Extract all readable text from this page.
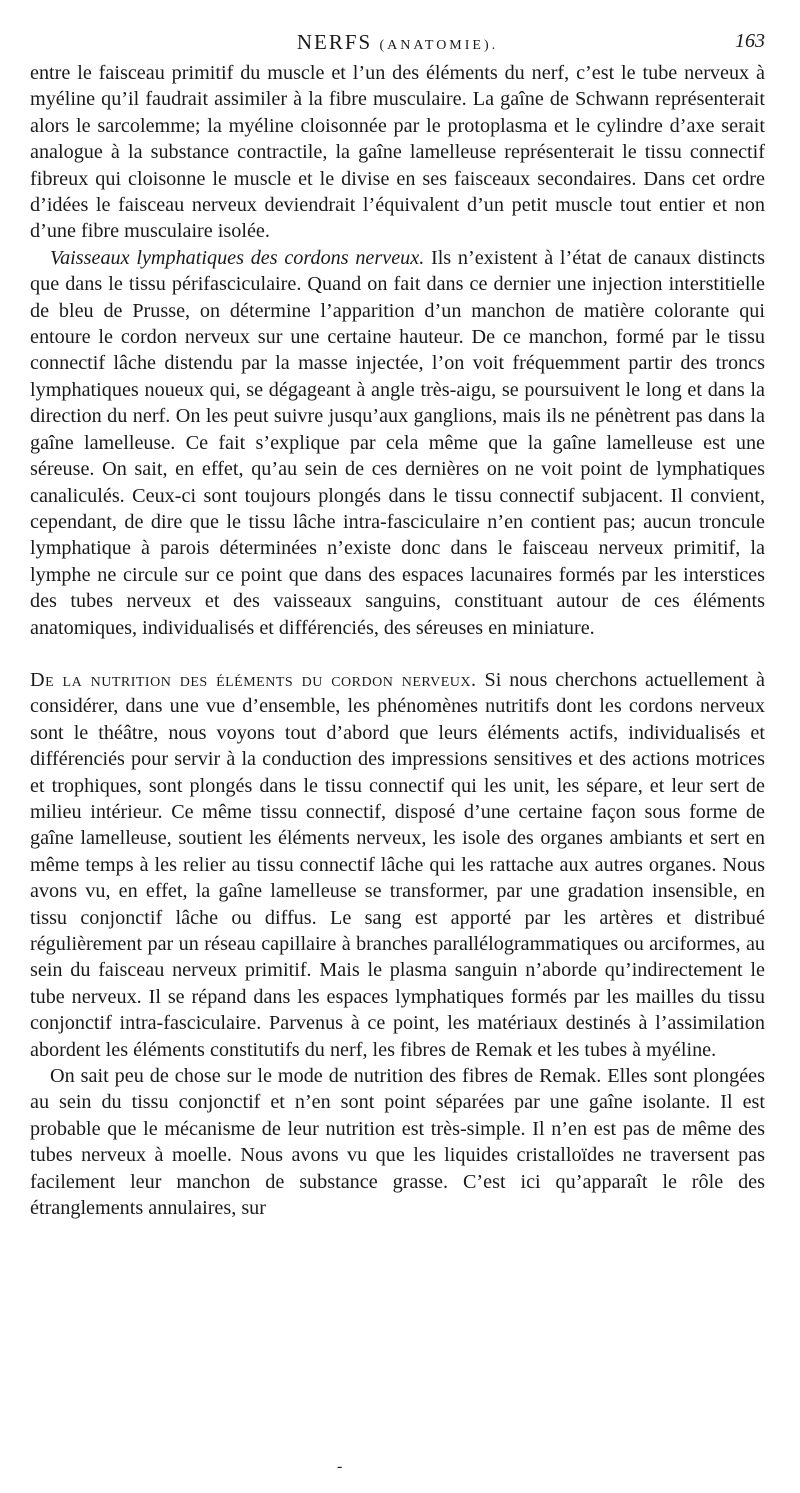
NERFS (ANATOMIE).	163

entre le faisceau primitif du muscle et l’un des éléments du nerf, c’est le tube nerveux à myéline qu’il faudrait assimiler à la fibre musculaire. La gaîne de Schwann représenterait alors le sarcolemme; la myéline cloisonnée par le protoplasma et le cylindre d’axe serait analogue à la substance contractile, la gaîne lamelleuse représenterait le tissu connectif fibreux qui cloisonne le muscle et le divise en ses faisceaux secondaires. Dans cet ordre d’idées le faisceau nerveux deviendrait l’équivalent d’un petit muscle tout entier et non d’une fibre musculaire isolée.

Vaisseaux lymphatiques des cordons nerveux. Ils n’existent à l’état de canaux distincts que dans le tissu périfasciculaire. Quand on fait dans ce dernier une injection interstitielle de bleu de Prusse, on détermine l’apparition d’un manchon de matière colorante qui entoure le cordon nerveux sur une certaine hauteur. De ce manchon, formé par le tissu connectif lâche distendu par la masse injectée, l’on voit fréquemment partir des troncs lymphatiques noueux qui, se dégageant à angle très-aigu, se poursuivent le long et dans la direction du nerf. On les peut suivre jusqu’aux ganglions, mais ils ne pénètrent pas dans la gaîne lamelleuse. Ce fait s’explique par cela même que la gaîne lamelleuse est une séreuse. On sait, en effet, qu’au sein de ces dernières on ne voit point de lymphatiques canaliculés. Ceux-ci sont toujours plongés dans le tissu connectif subjacent. Il convient, cependant, de dire que le tissu lâche intra-fasciculaire n’en contient pas; aucun troncule lymphatique à parois déterminées n’existe donc dans le faisceau nerveux primitif, la lymphe ne circule sur ce point que dans des espaces lacunaires formés par les interstices des tubes nerveux et des vaisseaux sanguins, constituant autour de ces éléments anatomiques, individualisés et différenciés, des séreuses en miniature.

De la nutrition des éléments du cordon nerveux. Si nous cherchons actuellement à considérer, dans une vue d’ensemble, les phénomènes nutritifs dont les cordons nerveux sont le théâtre, nous voyons tout d’abord que leurs éléments actifs, individualisés et différenciés pour servir à la conduction des impressions sensitives et des actions motrices et trophiques, sont plongés dans le tissu connectif qui les unit, les sépare, et leur sert de milieu intérieur. Ce même tissu connectif, disposé d’une certaine façon sous forme de gaîne lamelleuse, soutient les éléments nerveux, les isole des organes ambiants et sert en même temps à les relier au tissu connectif lâche qui les rattache aux autres organes. Nous avons vu, en effet, la gaîne lamelleuse se transformer, par une gradation insensible, en tissu conjonctif lâche ou diffus. Le sang est apporté par les artères et distribué régulièrement par un réseau capillaire à branches parallélogrammatiques ou arciformes, au sein du faisceau nerveux primitif. Mais le plasma sanguin n’aborde qu’indirectement le tube nerveux. Il se répand dans les espaces lymphatiques formés par les mailles du tissu conjonctif intra-fasciculaire. Parvenus à ce point, les matériaux destinés à l’assimilation abordent les éléments constitutifs du nerf, les fibres de Remak et les tubes à myéline.

On sait peu de chose sur le mode de nutrition des fibres de Remak. Elles sont plongées au sein du tissu conjonctif et n’en sont point séparées par une gaîne isolante. Il est probable que le mécanisme de leur nutrition est très-simple. Il n’en est pas de même des tubes nerveux à moelle. Nous avons vu que les liquides cristalloïdes ne traversent pas facilement leur manchon de substance grasse. C’est ici qu’apparaît le rôle des étranglements annulaires, sur

-
